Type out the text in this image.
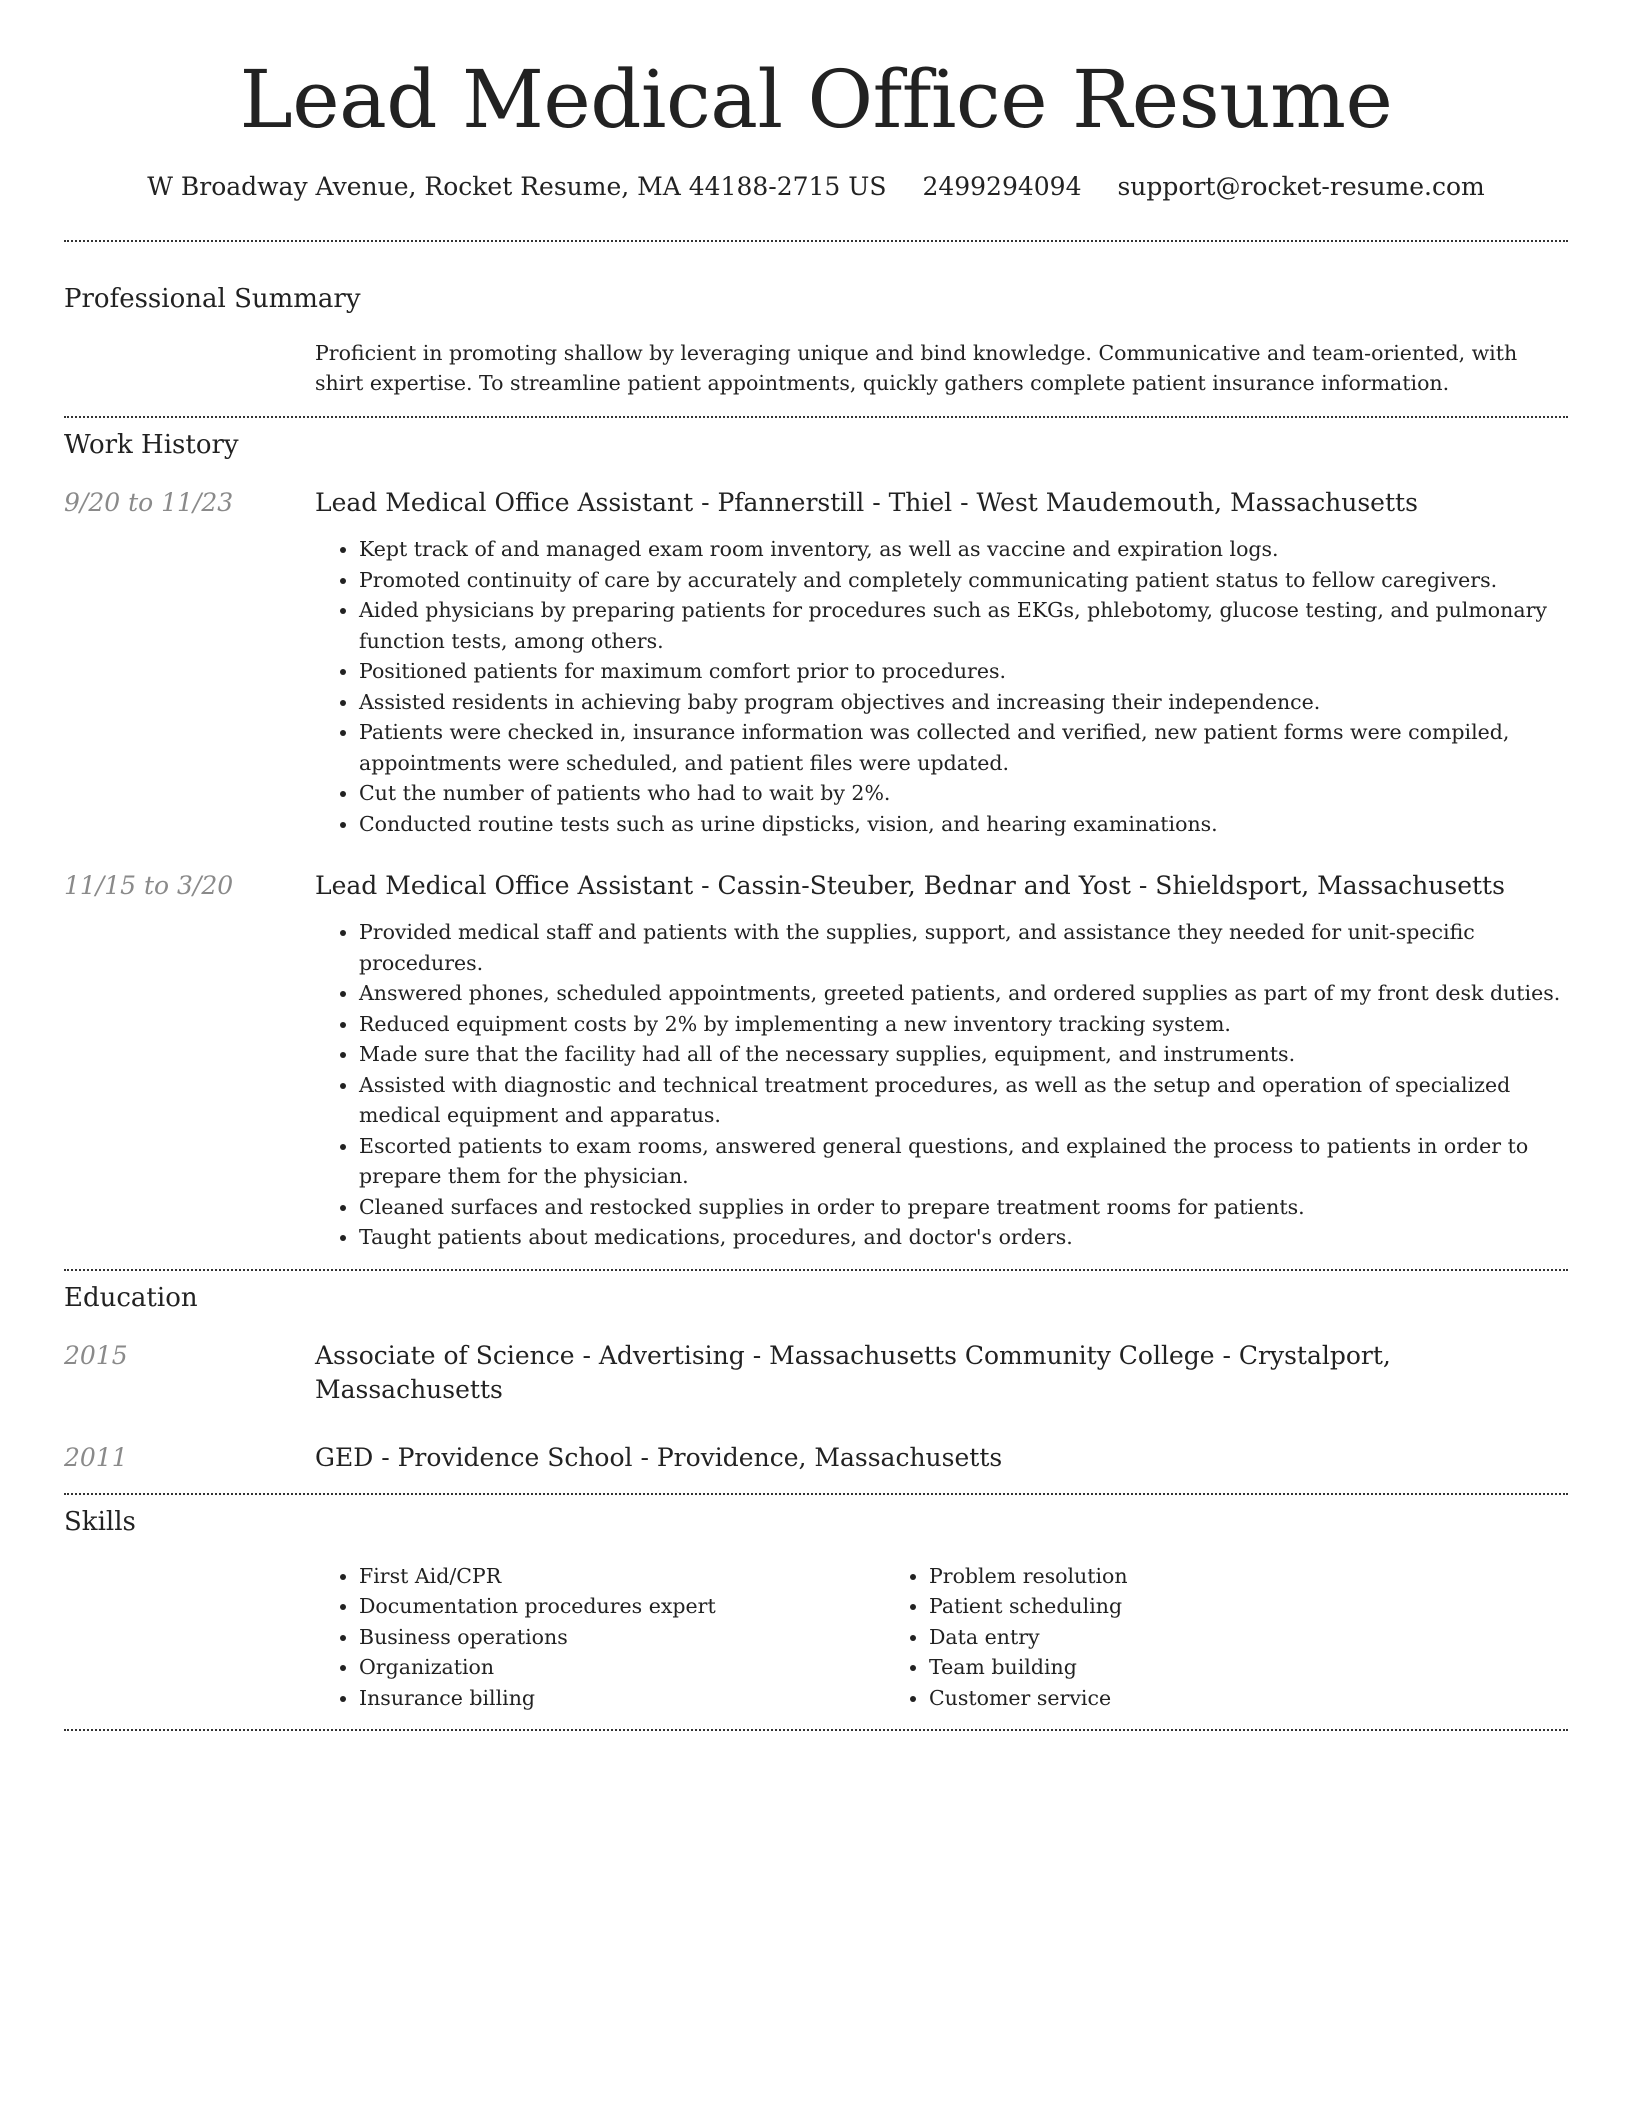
Lead Medical Office Resume
W Broadway Avenue, Rocket Resume, MA 44188-2715 US 2499294094 support@rocket-resume.com
Professional Summary
Proficient in promoting shallow by leveraging unique and bind knowledge. Communicative and team-oriented, with shirt expertise. To streamline patient appointments, quickly gathers complete patient insurance information.
Work History
9/20 to 11/23	Lead Medical Office Assistant - Pfannerstill - Thiel - West Maudemouth, Massachusetts
• Kept track of and managed exam room inventory, as well as vaccine and expiration logs.
• Promoted continuity of care by accurately and completely communicating patient status to fellow caregivers.
• Aided physicians by preparing patients for procedures such as EKGs, phlebotomy, glucose testing, and pulmonary function tests, among others.
• Positioned patients for maximum comfort prior to procedures.
• Assisted residents in achieving baby program objectives and increasing their independence.
• Patients were checked in, insurance information was collected and verified, new patient forms were compiled, appointments were scheduled, and patient files were updated.
• Cut the number of patients who had to wait by 2%.
• Conducted routine tests such as urine dipsticks, vision, and hearing examinations.
11/15 to 3/20	Lead Medical Office Assistant - Cassin-Steuber, Bednar and Yost - Shieldsport, Massachusetts
• Provided medical staff and patients with the supplies, support, and assistance they needed for unit-specific procedures.
• Answered phones, scheduled appointments, greeted patients, and ordered supplies as part of my front desk duties.
• Reduced equipment costs by 2% by implementing a new inventory tracking system.
• Made sure that the facility had all of the necessary supplies, equipment, and instruments.
• Assisted with diagnostic and technical treatment procedures, as well as the setup and operation of specialized medical equipment and apparatus.
• Escorted patients to exam rooms, answered general questions, and explained the process to patients in order to prepare them for the physician.
• Cleaned surfaces and restocked supplies in order to prepare treatment rooms for patients.
• Taught patients about medications, procedures, and doctor's orders.
Education
2015	Associate of Science - Advertising - Massachusetts Community College - Crystalport, Massachusetts
2011	GED - Providence School - Providence, Massachusetts
Skills
• First Aid/CPR
• Documentation procedures expert
• Business operations
• Organization
• Insurance billing
• Problem resolution
• Patient scheduling
• Data entry
• Team building
• Customer service
